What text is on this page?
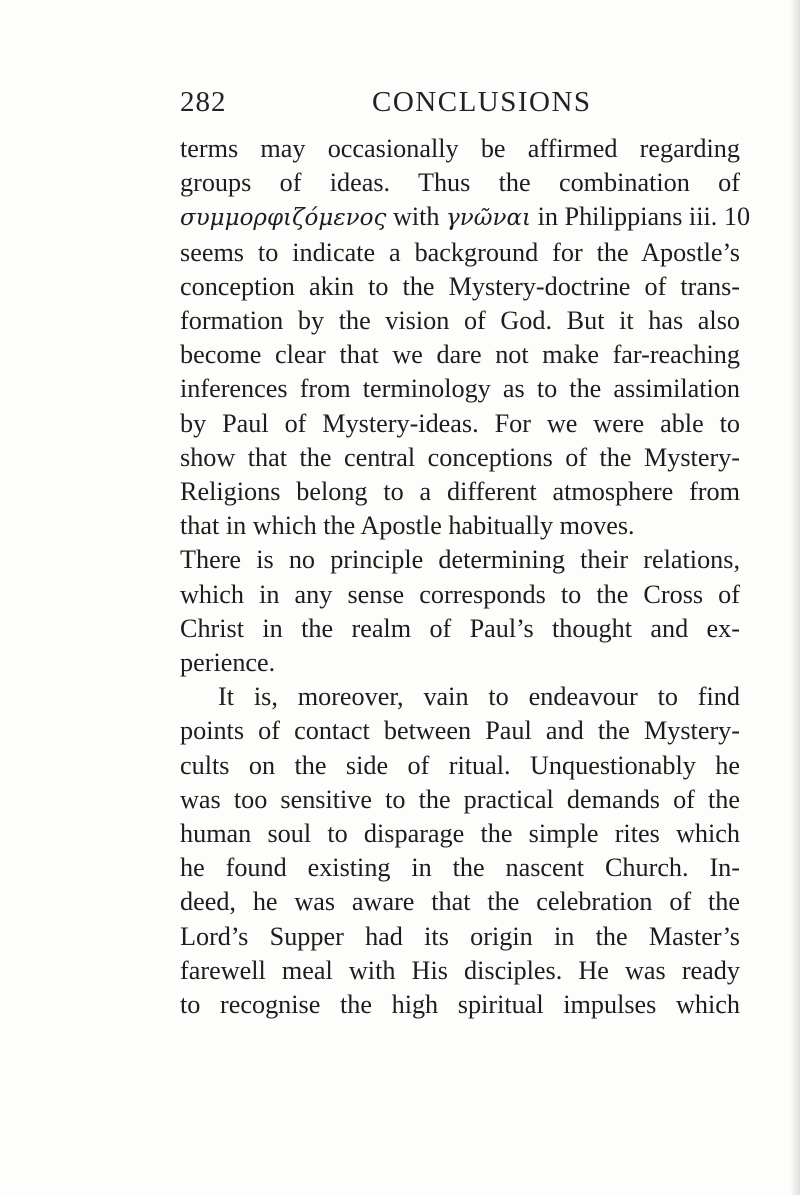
282	CONCLUSIONS
terms may occasionally be affirmed regarding
groups of ideas. Thus the combination of
συμμορφιζόμενος with γνῶναι in Philippians iii. 10
seems to indicate a background for the Apostle’s
conception akin to the Mystery-doctrine of trans-
formation by the vision of God. But it has also
become clear that we dare not make far-reaching
inferences from terminology as to the assimilation
by Paul of Mystery-ideas. For we were able to
show that the central conceptions of the Mystery-
Religions belong to a different atmosphere from
that in which the Apostle habitually moves.
There is no principle determining their relations,
which in any sense corresponds to the Cross of
Christ in the realm of Paul’s thought and ex-
perience.
It is, moreover, vain to endeavour to find
points of contact between Paul and the Mystery-
cults on the side of ritual. Unquestionably he
was too sensitive to the practical demands of the
human soul to disparage the simple rites which
he found existing in the nascent Church. In-
deed, he was aware that the celebration of the
Lord’s Supper had its origin in the Master’s
farewell meal with His disciples. He was ready
to recognise the high spiritual impulses which
